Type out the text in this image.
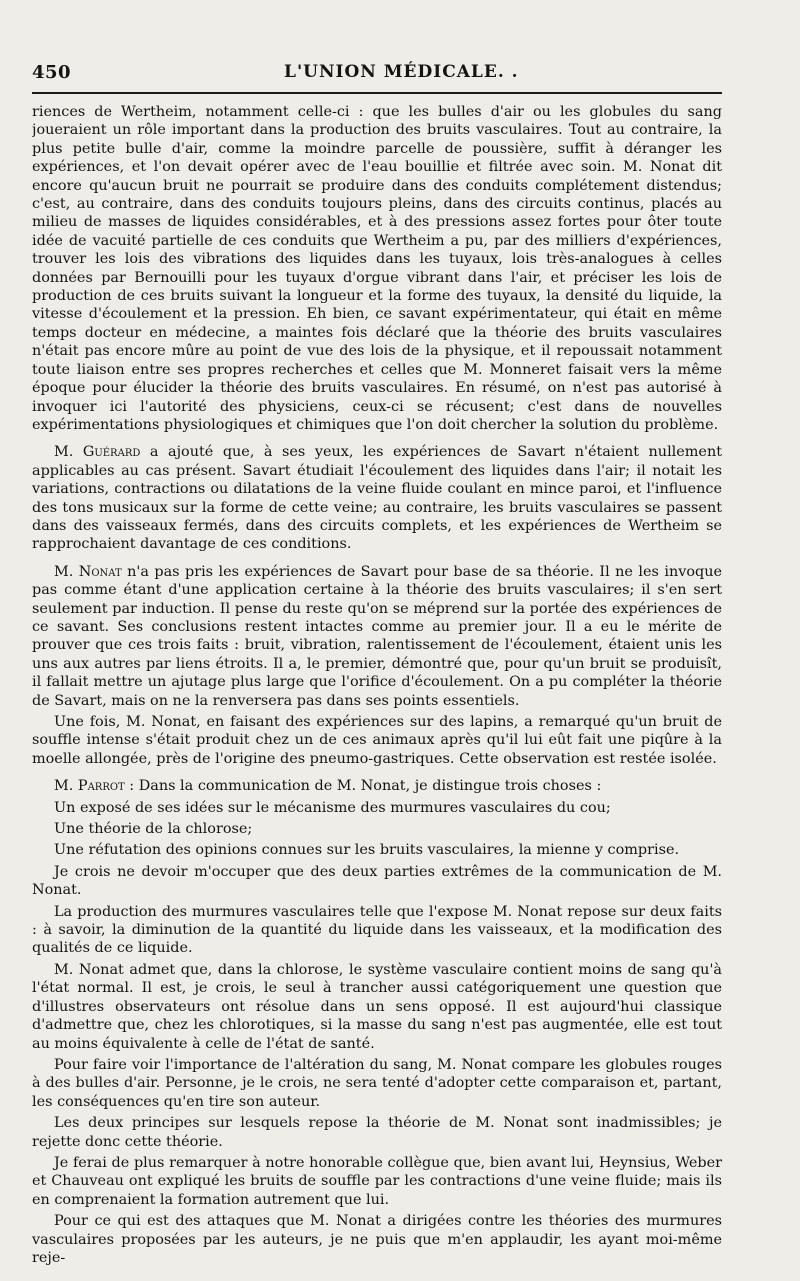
450	L'UNION MÉDICALE. .

riences de Wertheim, notamment celle-ci : que les bulles d'air ou les globules du sang joueraient un rôle important dans la production des bruits vasculaires. Tout au contraire, la plus petite bulle d'air, comme la moindre parcelle de poussière, suffit à déranger les expériences, et l'on devait opérer avec de l'eau bouillie et filtrée avec soin. M. Nonat dit encore qu'aucun bruit ne pourrait se produire dans des conduits complétement distendus; c'est, au contraire, dans des conduits toujours pleins, dans des circuits continus, placés au milieu de masses de liquides considérables, et à des pressions assez fortes pour ôter toute idée de vacuité partielle de ces conduits que Wertheim a pu, par des milliers d'expériences, trouver les lois des vibrations des liquides dans les tuyaux, lois très-analogues à celles données par Bernouilli pour les tuyaux d'orgue vibrant dans l'air, et préciser les lois de production de ces bruits suivant la longueur et la forme des tuyaux, la densité du liquide, la vitesse d'écoulement et la pression. Eh bien, ce savant expérimentateur, qui était en même temps docteur en médecine, a maintes fois déclaré que la théorie des bruits vasculaires n'était pas encore mûre au point de vue des lois de la physique, et il repoussait notamment toute liaison entre ses propres recherches et celles que M. Monneret faisait vers la même époque pour élucider la théorie des bruits vasculaires. En résumé, on n'est pas autorisé à invoquer ici l'autorité des physiciens, ceux-ci se récusent; c'est dans de nouvelles expérimentations physiologiques et chimiques que l'on doit chercher la solution du problème.

M. Guérard a ajouté que, à ses yeux, les expériences de Savart n'étaient nullement applicables au cas présent. Savart étudiait l'écoulement des liquides dans l'air; il notait les variations, contractions ou dilatations de la veine fluide coulant en mince paroi, et l'influence des tons musicaux sur la forme de cette veine; au contraire, les bruits vasculaires se passent dans des vaisseaux fermés, dans des circuits complets, et les expériences de Wertheim se rapprochaient davantage de ces conditions.

M. Nonat n'a pas pris les expériences de Savart pour base de sa théorie. Il ne les invoque pas comme étant d'une application certaine à la théorie des bruits vasculaires; il s'en sert seulement par induction. Il pense du reste qu'on se méprend sur la portée des expériences de ce savant. Ses conclusions restent intactes comme au premier jour. Il a eu le mérite de prouver que ces trois faits : bruit, vibration, ralentissement de l'écoulement, étaient unis les uns aux autres par liens étroits. Il a, le premier, démontré que, pour qu'un bruit se produisît, il fallait mettre un ajutage plus large que l'orifice d'écoulement. On a pu compléter la théorie de Savart, mais on ne la renversera pas dans ses points essentiels.

Une fois, M. Nonat, en faisant des expériences sur des lapins, a remarqué qu'un bruit de souffle intense s'était produit chez un de ces animaux après qu'il lui eût fait une piqûre à la moelle allongée, près de l'origine des pneumo-gastriques. Cette observation est restée isolée.

M. Parrot : Dans la communication de M. Nonat, je distingue trois choses :

Un exposé de ses idées sur le mécanisme des murmures vasculaires du cou;

Une théorie de la chlorose;

Une réfutation des opinions connues sur les bruits vasculaires, la mienne y comprise.

Je crois ne devoir m'occuper que des deux parties extrêmes de la communication de M. Nonat.

La production des murmures vasculaires telle que l'expose M. Nonat repose sur deux faits : à savoir, la diminution de la quantité du liquide dans les vaisseaux, et la modification des qualités de ce liquide.

M. Nonat admet que, dans la chlorose, le système vasculaire contient moins de sang qu'à l'état normal. Il est, je crois, le seul à trancher aussi catégoriquement une question que d'illustres observateurs ont résolue dans un sens opposé. Il est aujourd'hui classique d'admettre que, chez les chlorotiques, si la masse du sang n'est pas augmentée, elle est tout au moins équivalente à celle de l'état de santé.

Pour faire voir l'importance de l'altération du sang, M. Nonat compare les globules rouges à des bulles d'air. Personne, je le crois, ne sera tenté d'adopter cette comparaison et, partant, les conséquences qu'en tire son auteur.

Les deux principes sur lesquels repose la théorie de M. Nonat sont inadmissibles; je rejette donc cette théorie.

Je ferai de plus remarquer à notre honorable collègue que, bien avant lui, Heynsius, Weber et Chauveau ont expliqué les bruits de souffle par les contractions d'une veine fluide; mais ils en comprenaient la formation autrement que lui.

Pour ce qui est des attaques que M. Nonat a dirigées contre les théories des murmures vasculaires proposées par les auteurs, je ne puis que m'en applaudir, les ayant moi-même reje-
